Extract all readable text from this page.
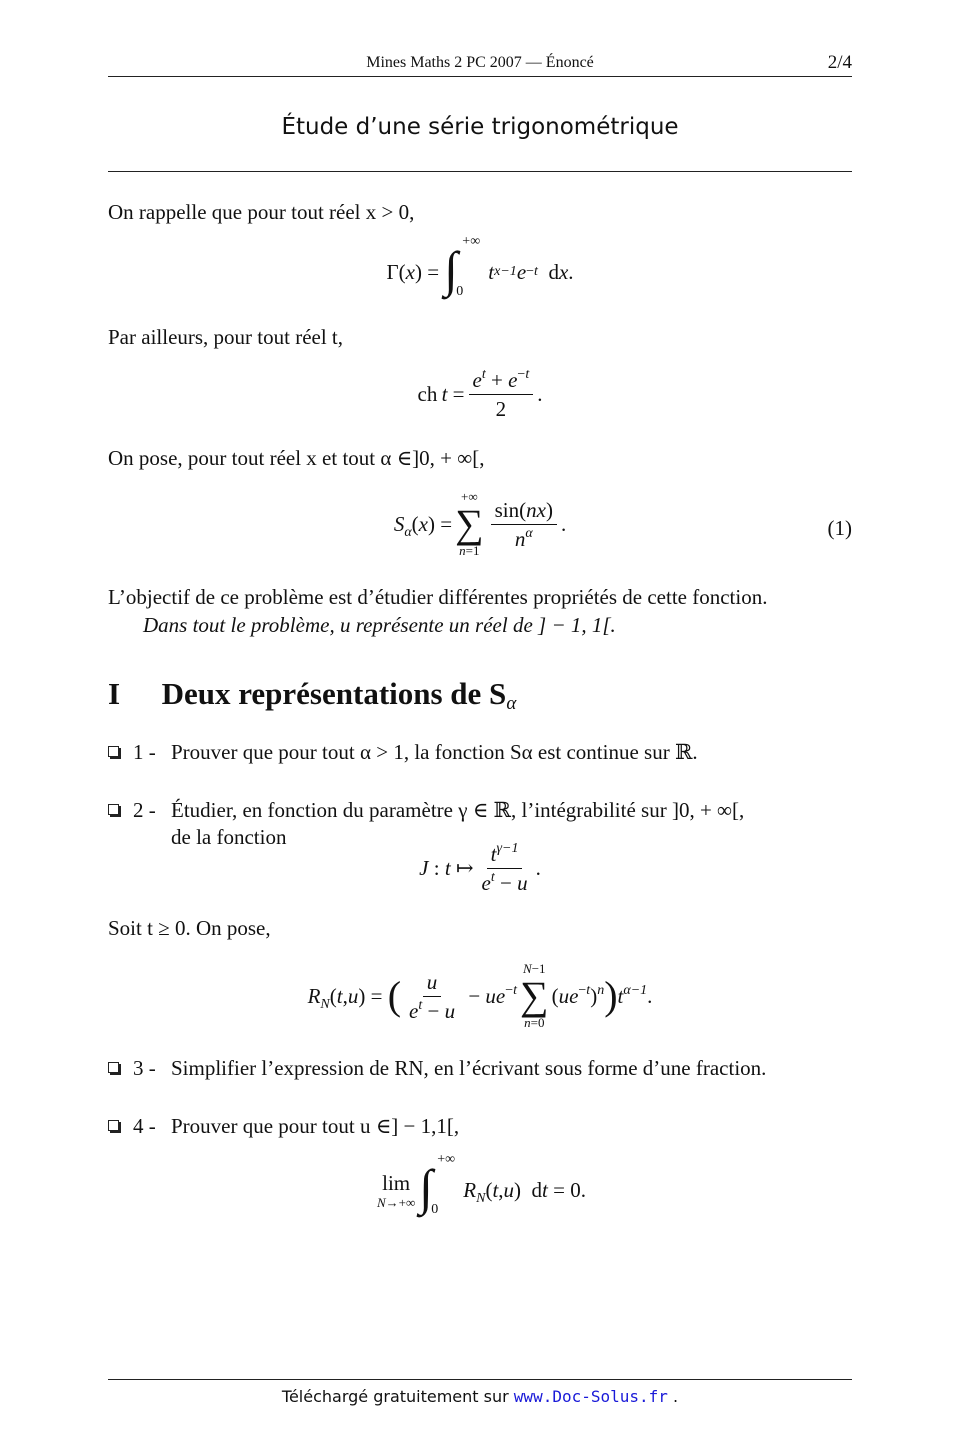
Mines Maths 2 PC 2007 — Énoncé	2/4
Étude d’une série trigonométrique
On rappelle que pour tout réel x > 0,
Γ(x) = ∫ +∞
0
t x−1 e −t d x .
Par ailleurs, pour tout réel t,
ch $t = \frac{e^t + e^{-t}}{2}$ .
On pose, pour tout réel x et tout α ∈]0, + ∞[,
$S_\alpha(x)$ =
+∞
∑
$n=1 \frac{\sin(nx)}{n^\alpha}$ .	(1)
L’objectif de ce problème est d’étudier différentes propriétés de cette fonction.
Dans tout le problème, u représente un réel de ] − 1, 1[.
I Deux représentations de $S_\alpha$
1 - Prouver que pour tout α > 1, la fonction Sα est continue sur ℝ.
2 - Étudier, en fonction du paramètre γ ∈ ℝ, l’intégrabilité sur ]0, + ∞[,
de la fonction
J : t ↦ $\frac{t^{\gamma-1}}{e^t - u}$ .
Soit t ≥ 0. On pose,
$R_N(t,u)$ = ( $\frac{u}{e^t - u} - ue^{-t}$
N−1
∑
n=0
$(ue^{-t})^n$ ) $t^{\alpha-1}$.
3 - Simplifier l’expression de RN, en l’écrivant sous forme d’une fraction.
4 - Prouver que pour tout u ∈] − 1,1[,
lim
N→+∞ ∫ +∞
0
$R_N(t,u)$  dt = 0.
Téléchargé gratuitement sur www.Doc-Solus.fr .
